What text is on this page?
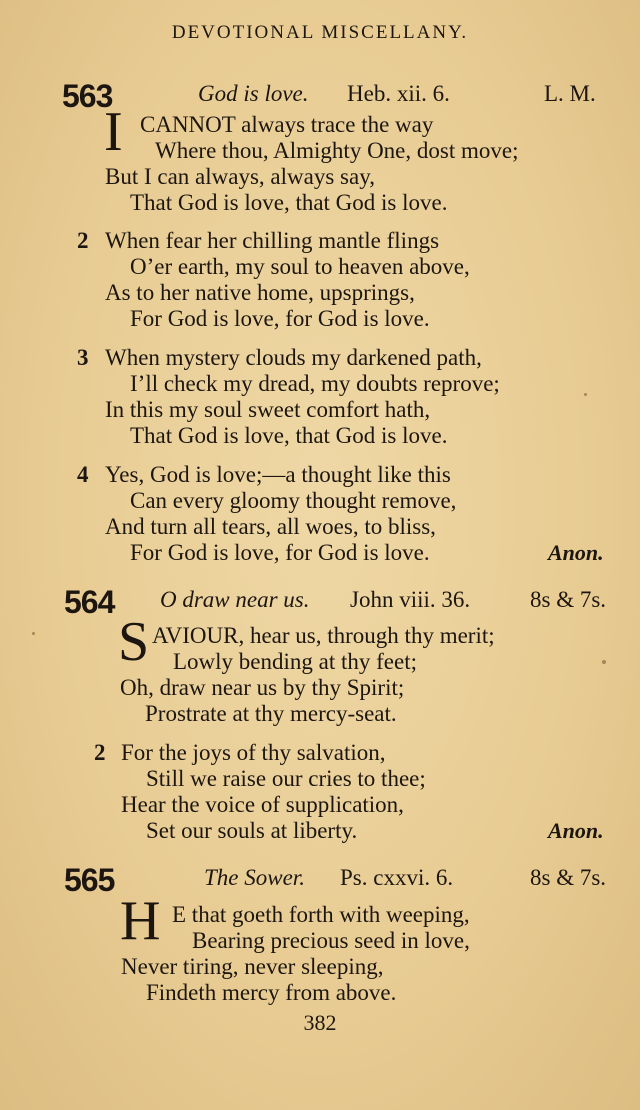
DEVOTIONAL MISCELLANY.
563	God is love. Heb. xii. 6.	L. M.
I CANNOT always trace the way
Where thou, Almighty One, dost move;
But I can always, always say,
That God is love, that God is love.
2 When fear her chilling mantle flings
O’er earth, my soul to heaven above,
As to her native home, upsprings,
For God is love, for God is love.
3 When mystery clouds my darkened path,
I’ll check my dread, my doubts reprove;
In this my soul sweet comfort hath,
That God is love, that God is love.
4 Yes, God is love;—a thought like this
Can every gloomy thought remove,
And turn all tears, all woes, to bliss,
For God is love, for God is love.	Anon.
564 O draw near us. John viii. 36.	8s & 7s.
S AVIOUR, hear us, through thy merit;
Lowly bending at thy feet;
Oh, draw near us by thy Spirit;
Prostrate at thy mercy-seat.
2 For the joys of thy salvation,
Still we raise our cries to thee;
Hear the voice of supplication,
Set our souls at liberty.	Anon.
565	The Sower. Ps. cxxvi. 6.	8s & 7s.
H E that goeth forth with weeping,
Bearing precious seed in love,
Never tiring, never sleeping,
Findeth mercy from above.
382
